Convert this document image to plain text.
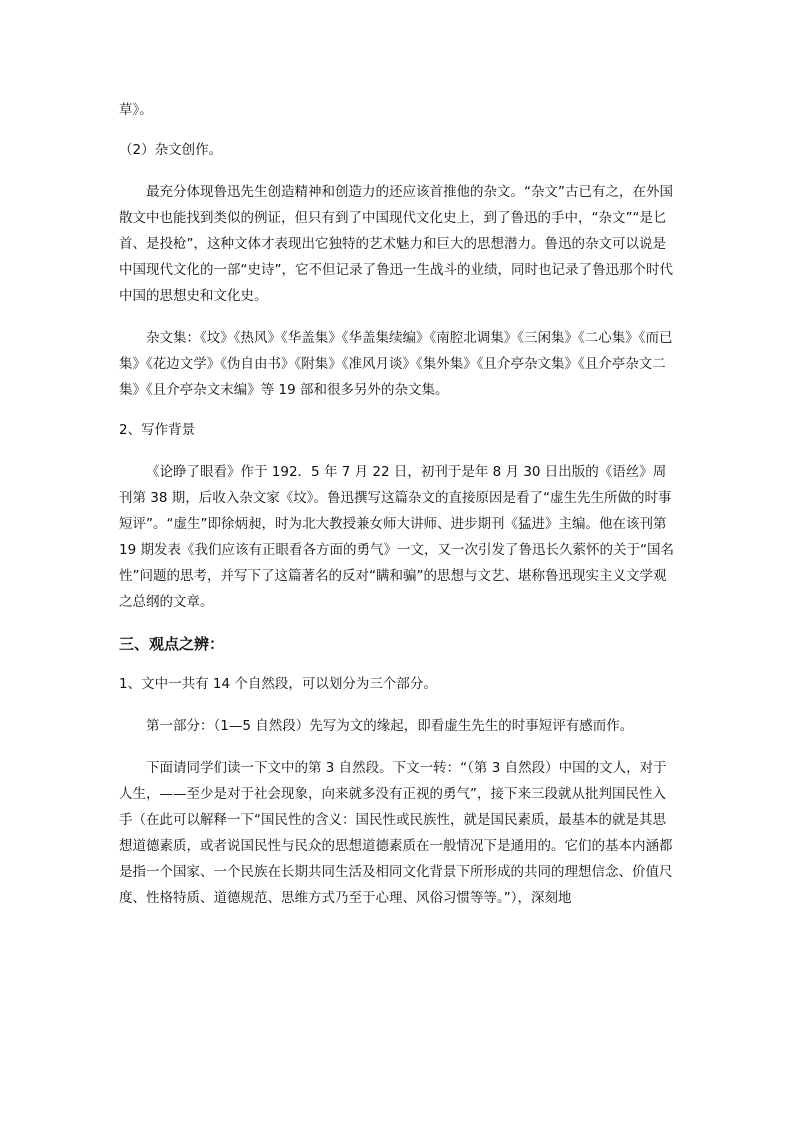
草》。

（2）杂文创作。

最充分体现鲁迅先生创造精神和创造力的还应该首推他的杂文。“杂文”古已有之，在外国散文中也能找到类似的例证，但只有到了中国现代文化史上，到了鲁迅的手中，“杂文”“是匕首、是投枪”，这种文体才表现出它独特的艺术魅力和巨大的思想潜力。鲁迅的杂文可以说是中国现代文化的一部“史诗”，它不但记录了鲁迅一生战斗的业绩，同时也记录了鲁迅那个时代中国的思想史和文化史。

杂文集：《坟》《热风》《华盖集》《华盖集续编》《南腔北调集》《三闲集》《二心集》《而已集》《花边文学》《伪自由书》《附集》《准风月谈》《集外集》《且介亭杂文集》《且介亭杂文二集》《且介亭杂文末编》等 19 部和很多另外的杂文集。

2、写作背景

《论睁了眼看》作于 192．5 年 7 月 22 日，初刊于是年 8 月 30 日出版的《语丝》周刊第 38 期，后收入杂文家《坟》。鲁迅撰写这篇杂文的直接原因是看了“虚生先生所做的时事短评”。“虚生”即徐炳昶，时为北大教授兼女师大讲师、进步期刊《猛进》主编。他在该刊第 19 期发表《我们应该有正眼看各方面的勇气》一文，又一次引发了鲁迅长久萦怀的关于“国名性”问题的思考，并写下了这篇著名的反对“瞒和骗”的思想与文艺、堪称鲁迅现实主义文学观之总纲的文章。

三、观点之辨：

1、文中一共有 14 个自然段，可以划分为三个部分。

第一部分：（1—5 自然段）先写为文的缘起，即看虚生先生的时事短评有感而作。

下面请同学们读一下文中的第 3 自然段。下文一转：“（第 3 自然段）中国的文人，对于人生，——至少是对于社会现象，向来就多没有正视的勇气”，接下来三段就从批判国民性入手（在此可以解释一下“国民性的含义：国民性或民族性，就是国民素质，最基本的就是其思想道德素质，或者说国民性与民众的思想道德素质在一般情况下是通用的。它们的基本内涵都是指一个国家、一个民族在长期共同生活及相同文化背景下所形成的共同的理想信念、价值尺度、性格特质、道德规范、思维方式乃至于心理、风俗习惯等等。”），深刻地
